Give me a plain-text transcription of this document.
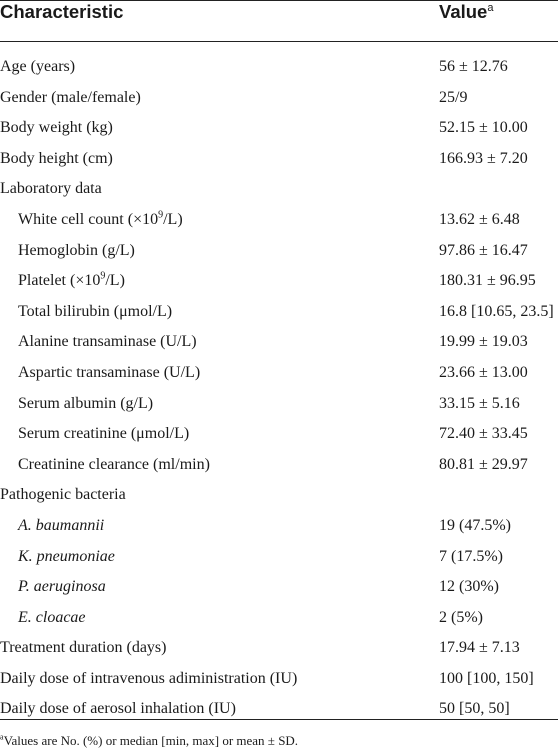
Characteristic	Value$^a$
Age (years)	56 ± 12.76
Gender (male/female)	25/9
Body weight (kg)	52.15 ± 10.00
Body height (cm)	166.93 ± 7.20
Laboratory data
White cell count $(\times 10^9/L)$	13.62 ± 6.48
Hemoglobin (g/L)	97.86 ± 16.47
Platelet $(\times 10^9/L)$	180.31 ± 96.95
Total bilirubin (μmol/L)	16.8 [10.65, 23.5]
Alanine transaminase (U/L)	19.99 ± 19.03
Aspartic transaminase (U/L)	23.66 ± 13.00
Serum albumin (g/L)	33.15 ± 5.16
Serum creatinine (μmol/L)	72.40 ± 33.45
Creatinine clearance (ml/min)	80.81 ± 29.97
Pathogenic bacteria
A. baumannii	19 (47.5%)
K. pneumoniae	7 (17.5%)
P. aeruginosa	12 (30%)
E. cloacae	2 (5%)
Treatment duration (days)	17.94 ± 7.13
Daily dose of intravenous adiministration (IU)	100 [100, 150]
Daily dose of aerosol inhalation (IU)	50 [50, 50]
$^a$Values are No. (%) or median [min, max] or mean ± SD.
